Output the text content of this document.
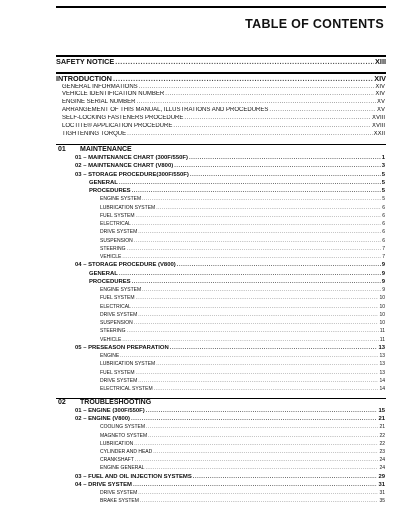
TABLE OF CONTENTS
SAFETY NOTICE .....	XIII
INTRODUCTION .....	XIV
GENERAL INFORMATIONS .....	XIV
VEHICLE IDENTIFICATION NUMBER .....	XIV
ENGINE SERIAL NUMBER .....	XV
ARRANGEMENT OF THIS MANUAL, ILLUSTRATIONS AND PROCEDURES .....	XV
SELF-LOCKING FASTENERS PROCEDURE .....	XVIII
LOCTITE® APPLICATION PROCEDURE .....	XVIII
TIGHTENING TORQUE .....	XXII
01 MAINTENANCE
01 – MAINTENANCE CHART (300F/550F) .....	1
02 – MAINTENANCE CHART (V800) .....	3
03 – STORAGE PROCEDURE(300F/550F) .....	5
GENERAL .....	5
PROCEDURES .....	5
ENGINE SYSTEM .....	5
LUBRICATION SYSTEM .....	6
FUEL SYSTEM .....	6
ELECTRICAL .....	6
DRIVE SYSTEM .....	6
SUSPENSION .....	6
STEERING .....	7
VEHICLE .....	7
04 – STORAGE PROCEDURE (V800) .....	9
GENERAL .....	9
PROCEDURES .....	9
ENGINE SYSTEM .....	9
FUEL SYSTEM .....	10
ELECTRICAL .....	10
DRIVE SYSTEM .....	10
SUSPENSION .....	10
STEERING .....	11
VEHICLE .....	11
05 – PRESEASON PREPARATION .....	13
ENGINE .....	13
LUBRICATION SYSTEM .....	13
FUEL SYSTEM .....	13
DRIVE SYSTEM .....	14
ELECTRICAL SYSTEM .....	14
02 TROUBLESHOOTING
01 – ENGINE (300F/550F) .....	15
02 – ENGINE (V800) .....	21
COOLING SYSTEM .....	21
MAGNETO SYSTEM .....	22
LUBRICATION .....	22
CYLINDER AND HEAD .....	23
CRANKSHAFT .....	24
ENGINE GENERAL .....	24
03 – FUEL AND OIL INJECTION SYSTEMS .....	29
04 – DRIVE SYSTEM .....	31
DRIVE SYSTEM .....	31
BRAKE SYSTEM .....	35
